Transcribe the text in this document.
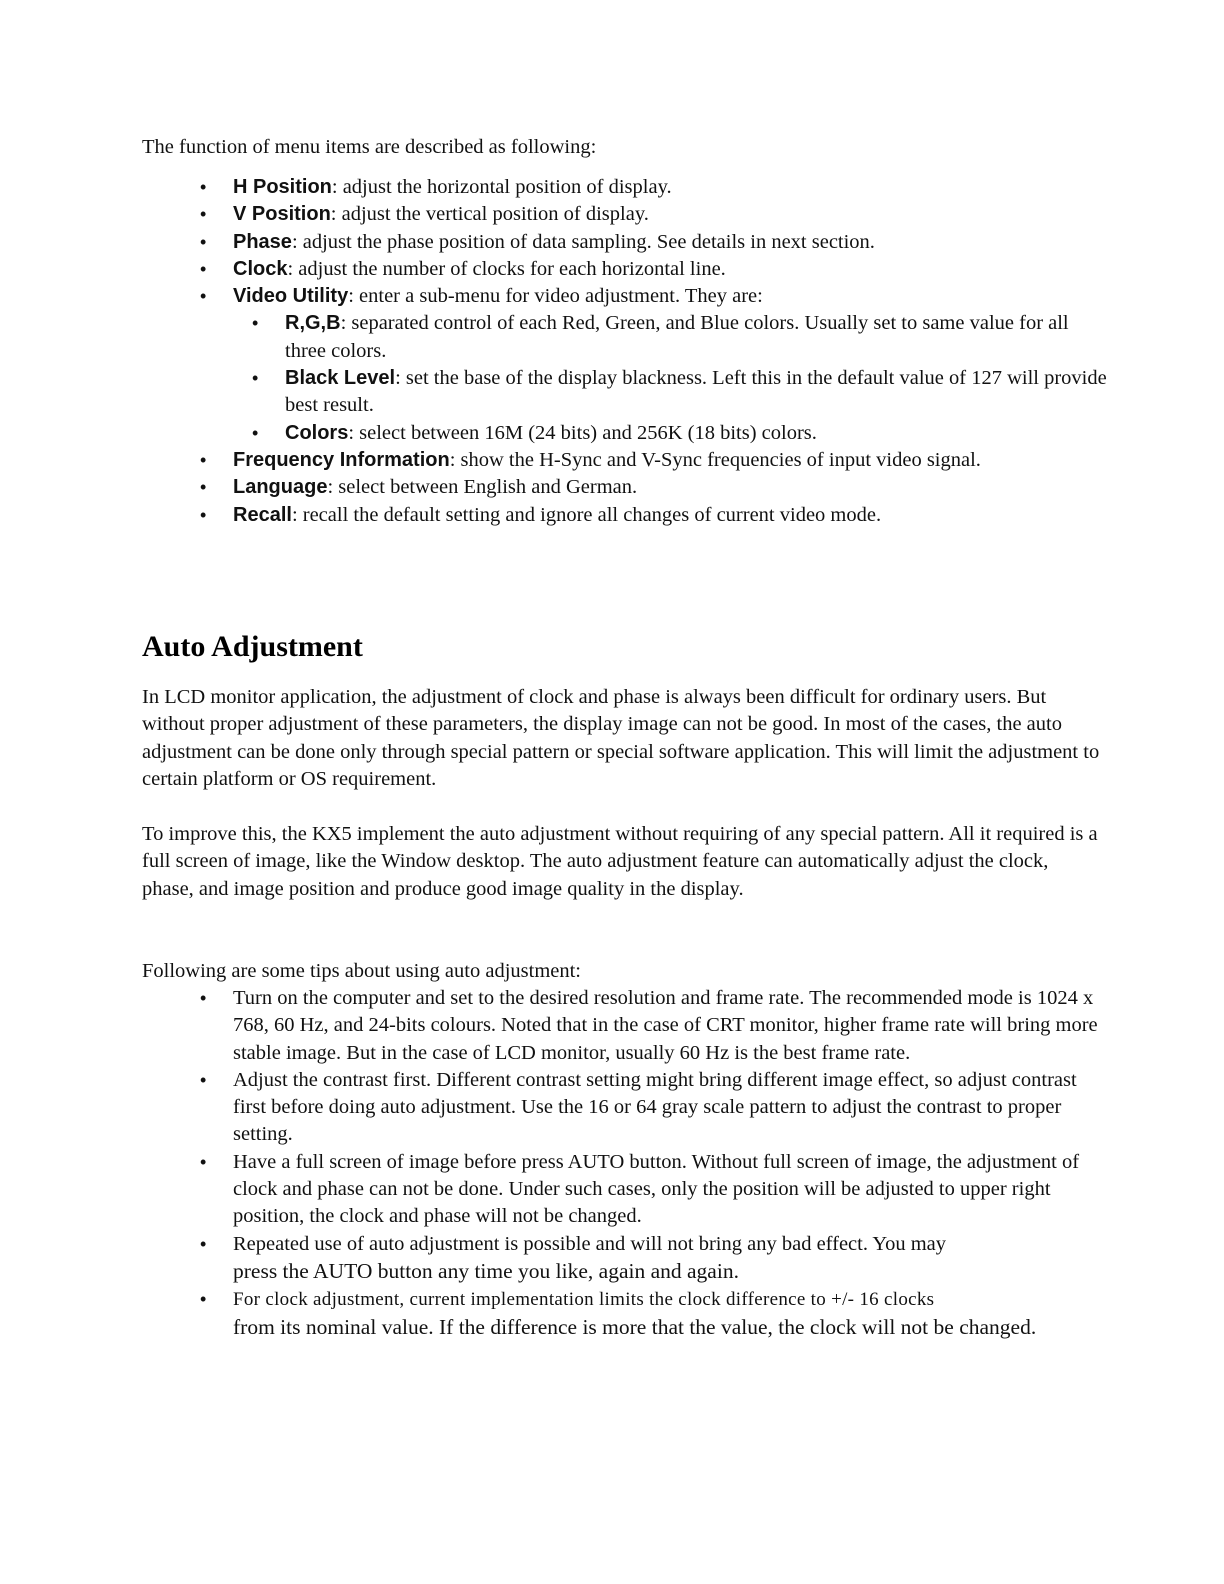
The function of menu items are described as following:

• H Position: adjust the horizontal position of display.
• V Position: adjust the vertical position of display.
• Phase: adjust the phase position of data sampling. See details in next section.
• Clock: adjust the number of clocks for each horizontal line.
• Video Utility: enter a sub-menu for video adjustment. They are:
• R,G,B: separated control of each Red, Green, and Blue colors. Usually set to same value for all three colors.
• Black Level: set the base of the display blackness. Left this in the default value of 127 will provide best result.
• Colors: select between 16M (24 bits) and 256K (18 bits) colors.
• Frequency Information: show the H-Sync and V-Sync frequencies of input video signal.
• Language: select between English and German.
• Recall: recall the default setting and ignore all changes of current video mode.
Auto Adjustment

In LCD monitor application, the adjustment of clock and phase is always been difficult for ordinary users. But without proper adjustment of these parameters, the display image can not be good. In most of the cases, the auto adjustment can be done only through special pattern or special software application. This will limit the adjustment to certain platform or OS requirement.

To improve this, the KX5 implement the auto adjustment without requiring of any special pattern. All it required is a full screen of image, like the Window desktop. The auto adjustment feature can automatically adjust the clock, phase, and image position and produce good image quality in the display.

Following are some tips about using auto adjustment:

• Turn on the computer and set to the desired resolution and frame rate. The recommended mode is 1024 x 768, 60 Hz, and 24-bits colours. Noted that in the case of CRT monitor, higher frame rate will bring more stable image. But in the case of LCD monitor, usually 60 Hz is the best frame rate.
• Adjust the contrast first. Different contrast setting might bring different image effect, so adjust contrast first before doing auto adjustment. Use the 16 or 64 gray scale pattern to adjust the contrast to proper setting.
• Have a full screen of image before press AUTO button. Without full screen of image, the adjustment of clock and phase can not be done. Under such cases, only the position will be adjusted to upper right position, the clock and phase will not be changed.
• Repeated use of auto adjustment is possible and will not bring any bad effect. You may
press the AUTO button any time you like, again and again.
• For clock adjustment, current implementation limits the clock difference to +/- 16 clocks
from its nominal value. If the difference is more that the value, the clock will not be changed.
